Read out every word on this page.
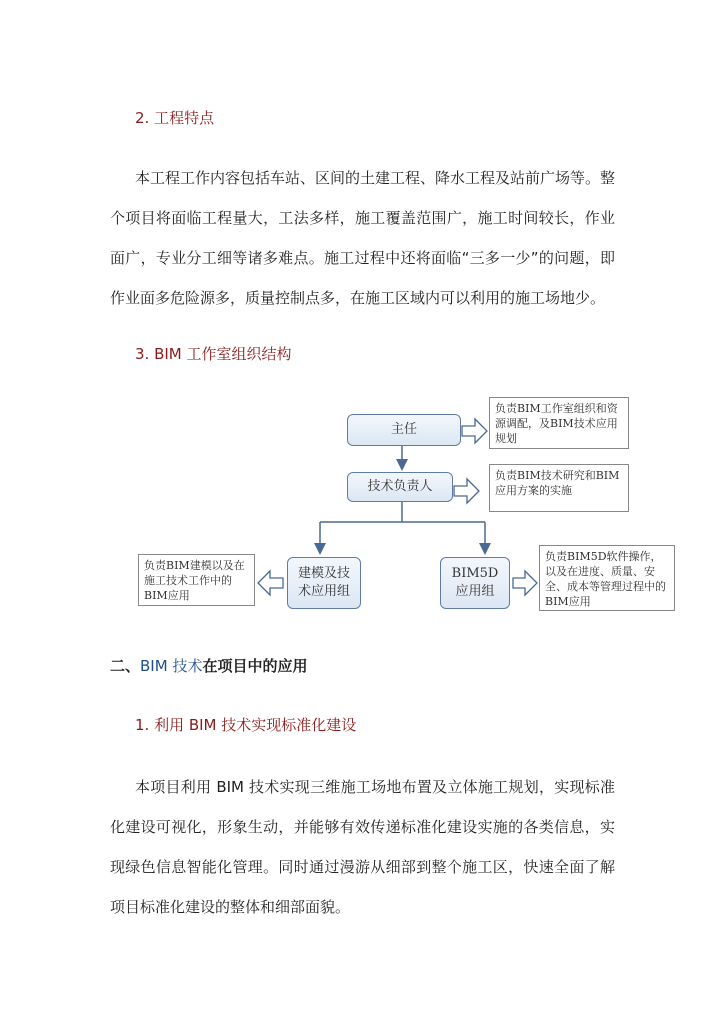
2. 工程特点

本工程工作内容包括车站、区间的土建工程、降水工程及站前广场等。整个项目将面临工程量大，工法多样，施工覆盖范围广，施工时间较长，作业面广，专业分工细等诸多难点。施工过程中还将面临“三多一少”的问题，即作业面多危险源多，质量控制点多，在施工区域内可以利用的施工场地少。

3. BIM 工作室组织结构
主任
技术负责人
建模及技
术应用组
BIM5D
应用组
负责BIM工作室组织和资源调配，及BIM技术应用规划
负责BIM技术研究和BIM应用方案的实施
负责BIM建模以及在施工技术工作中的BIM应用
负责BIM5D软件操作，以及在进度、质量、安全、成本等管理过程中的BIM应用
二、BIM 技术在项目中的应用
1. 利用 BIM 技术实现标准化建设

本项目利用 BIM 技术实现三维施工场地布置及立体施工规划，实现标准化建设可视化，形象生动，并能够有效传递标准化建设实施的各类信息，实现绿色信息智能化管理。同时通过漫游从细部到整个施工区，快速全面了解项目标准化建设的整体和细部面貌。
